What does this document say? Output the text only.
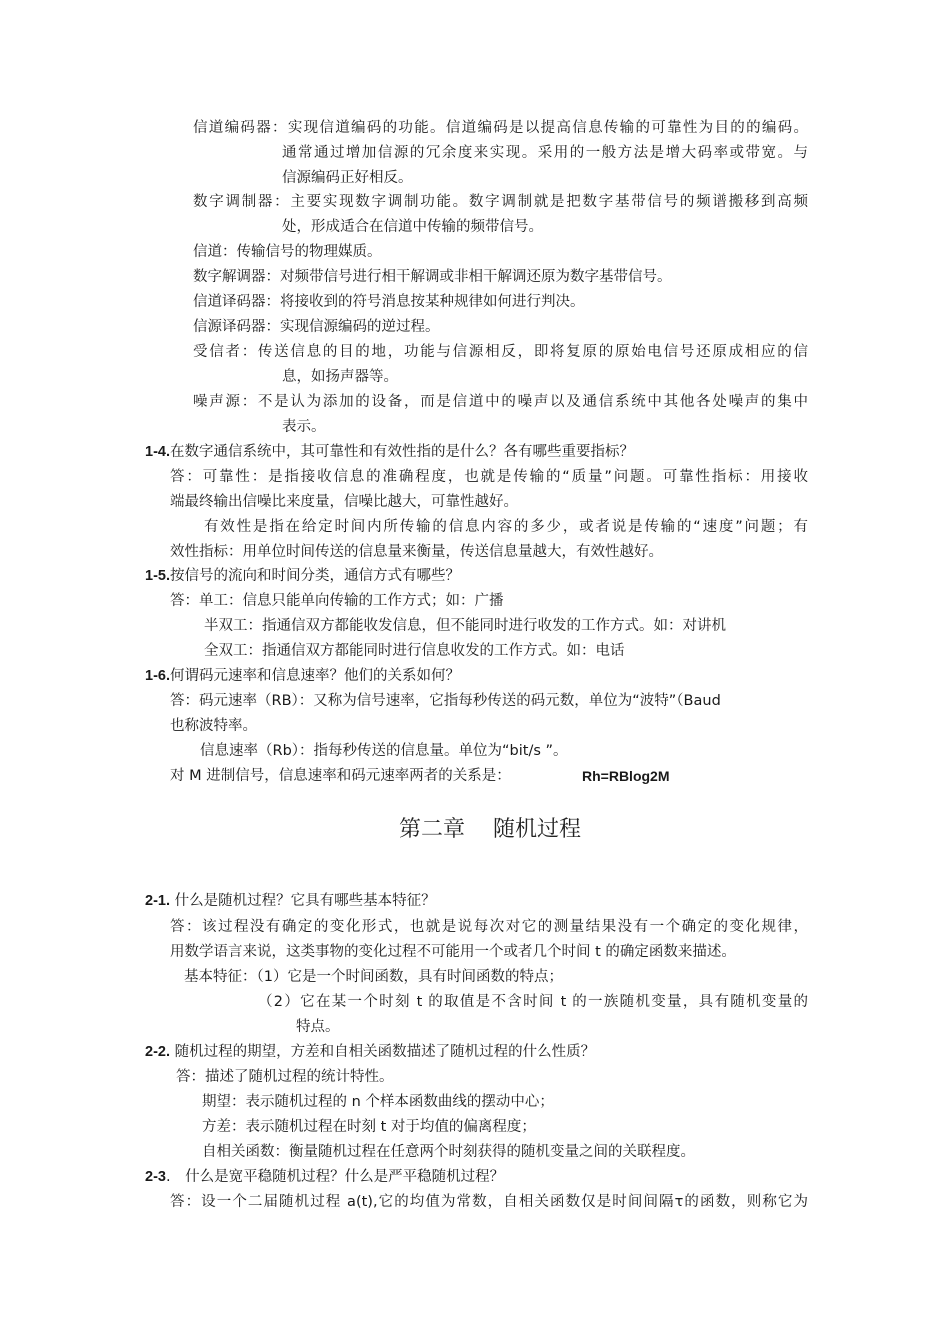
信道编码器：实现信道编码的功能。信道编码是以提高信息传输的可靠性为目的的编码。
通常通过增加信源的冗余度来实现。采用的一般方法是增大码率或带宽。与
信源编码正好相反。
数字调制器：主要实现数字调制功能。数字调制就是把数字基带信号的频谱搬移到高频
处，形成适合在信道中传输的频带信号。
信道：传输信号的物理媒质。
数字解调器：对频带信号进行相干解调或非相干解调还原为数字基带信号。
信道译码器：将接收到的符号消息按某种规律如何进行判决。
信源译码器：实现信源编码的逆过程。
受信者：传送信息的目的地，功能与信源相反，即将复原的原始电信号还原成相应的信
息，如扬声器等。
噪声源：不是认为添加的设备，而是信道中的噪声以及通信系统中其他各处噪声的集中
表示。
1-4.在数字通信系统中，其可靠性和有效性指的是什么？各有哪些重要指标？
答：可靠性：是指接收信息的准确程度，也就是传输的“质量”问题。可靠性指标：用接收
端最终输出信噪比来度量，信噪比越大，可靠性越好。
有效性是指在给定时间内所传输的信息内容的多少，或者说是传输的“速度”问题；有
效性指标：用单位时间传送的信息量来衡量，传送信息量越大，有效性越好。
1-5.按信号的流向和时间分类，通信方式有哪些？
答：单工：信息只能单向传输的工作方式；如：广播
半双工：指通信双方都能收发信息，但不能同时进行收发的工作方式。如：对讲机
全双工：指通信双方都能同时进行信息收发的工作方式。如：电话
1-6.何谓码元速率和信息速率？他们的关系如何？
答：码元速率（RB）：又称为信号速率，它指每秒传送的码元数，单位为“波特”（Baud
也称波特率。
信息速率（Rb）：指每秒传送的信息量。单位为“bit/s ”。
对 M 进制信号，信息速率和码元速率两者的关系是：	Rh=RBlog2M
第二章 随机过程
2-1. 什么是随机过程？它具有哪些基本特征？
答：该过程没有确定的变化形式，也就是说每次对它的测量结果没有一个确定的变化规律，
用数学语言来说，这类事物的变化过程不可能用一个或者几个时间 t 的确定函数来描述。
基本特征：（1）它是一个时间函数，具有时间函数的特点；
（2）它在某一个时刻 t 的取值是不含时间 t 的一族随机变量，具有随机变量的
特点。
2-2. 随机过程的期望，方差和自相关函数描述了随机过程的什么性质？
答：描述了随机过程的统计特性。
期望：表示随机过程的 n 个样本函数曲线的摆动中心；
方差：表示随机过程在时刻 t 对于均值的偏离程度；
自相关函数：衡量随机过程在任意两个时刻获得的随机变量之间的关联程度。
2-3.　什么是宽平稳随机过程？什么是严平稳随机过程？
答：设一个二届随机过程 a(t),它的均值为常数，自相关函数仅是时间间隔τ的函数，则称它为
